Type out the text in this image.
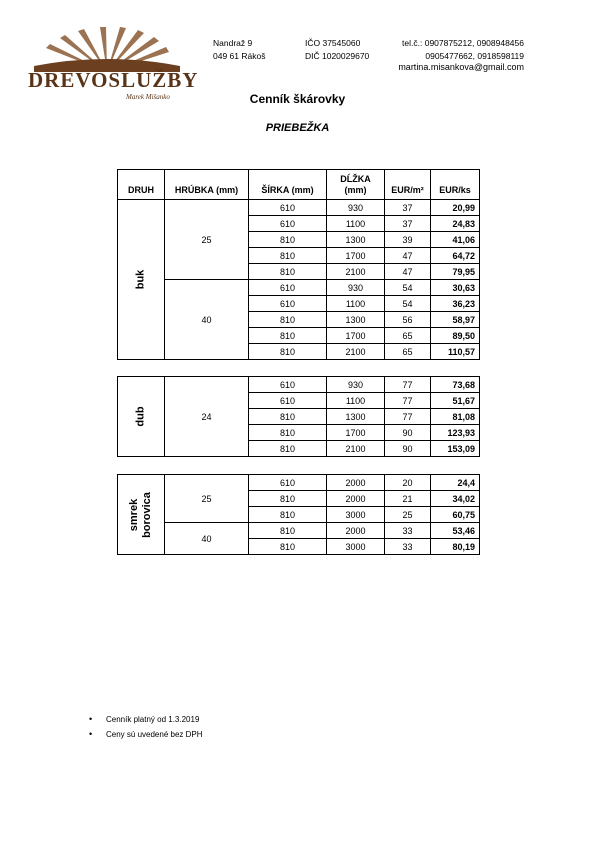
DREVOSLUŽBY
Marek Mišanko
Nandraž 9
049 61 Rákoš
IČO 37545060
DIČ 1020029670
tel.č.: 0907875212, 0908948456
0905477662, 0918598119
martina.misankova@gmail.com
Cenník škárovky
PRIEBEŽKA
DRUH	HRÚBKA (mm)	ŠÍRKA (mm)	DĹŽKA (mm)	EUR/m²	EUR/ks
buk	25	610	930	37	20,99
		610	1100	37	24,83
		810	1300	39	41,06
		810	1700	47	64,72
		810	2100	47	79,95
	40	610	930	54	30,63
		610	1100	54	36,23
		810	1300	56	58,97
		810	1700	65	89,50
		810	2100	65	110,57
dub	24	610	930	77	73,68
		610	1100	77	51,67
		810	1300	77	81,08
		810	1700	90	123,93
		810	2100	90	153,09
smrek borovica	25	610	2000	20	24,4
		810	2000	21	34,02
		810	3000	25	60,75
	40	810	2000	33	53,46
		810	3000	33	80,19
• Cenník platný od 1.3.2019
• Ceny sú uvedené bez DPH
